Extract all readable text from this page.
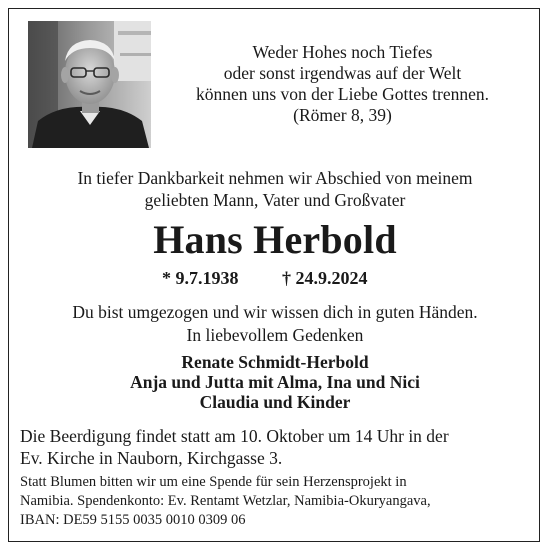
Weder Hohes noch Tiefes
oder sonst irgendwas auf der Welt
können uns von der Liebe Gottes trennen.
(Römer 8, 39)
In tiefer Dankbarkeit nehmen wir Abschied von meinem
geliebten Mann, Vater und Großvater
Hans Herbold
* 9.7.1938 † 24.9.2024
Du bist umgezogen und wir wissen dich in guten Händen.
In liebevollem Gedenken
Renate Schmidt-Herbold
Anja und Jutta mit Alma, Ina und Nici
Claudia und Kinder
Die Beerdigung findet statt am 10. Oktober um 14 Uhr in der
Ev. Kirche in Nauborn, Kirchgasse 3.
Statt Blumen bitten wir um eine Spende für sein Herzensprojekt in
Namibia. Spendenkonto: Ev. Rentamt Wetzlar, Namibia-Okuryangava,
IBAN: DE59 5155 0035 0010 0309 06
